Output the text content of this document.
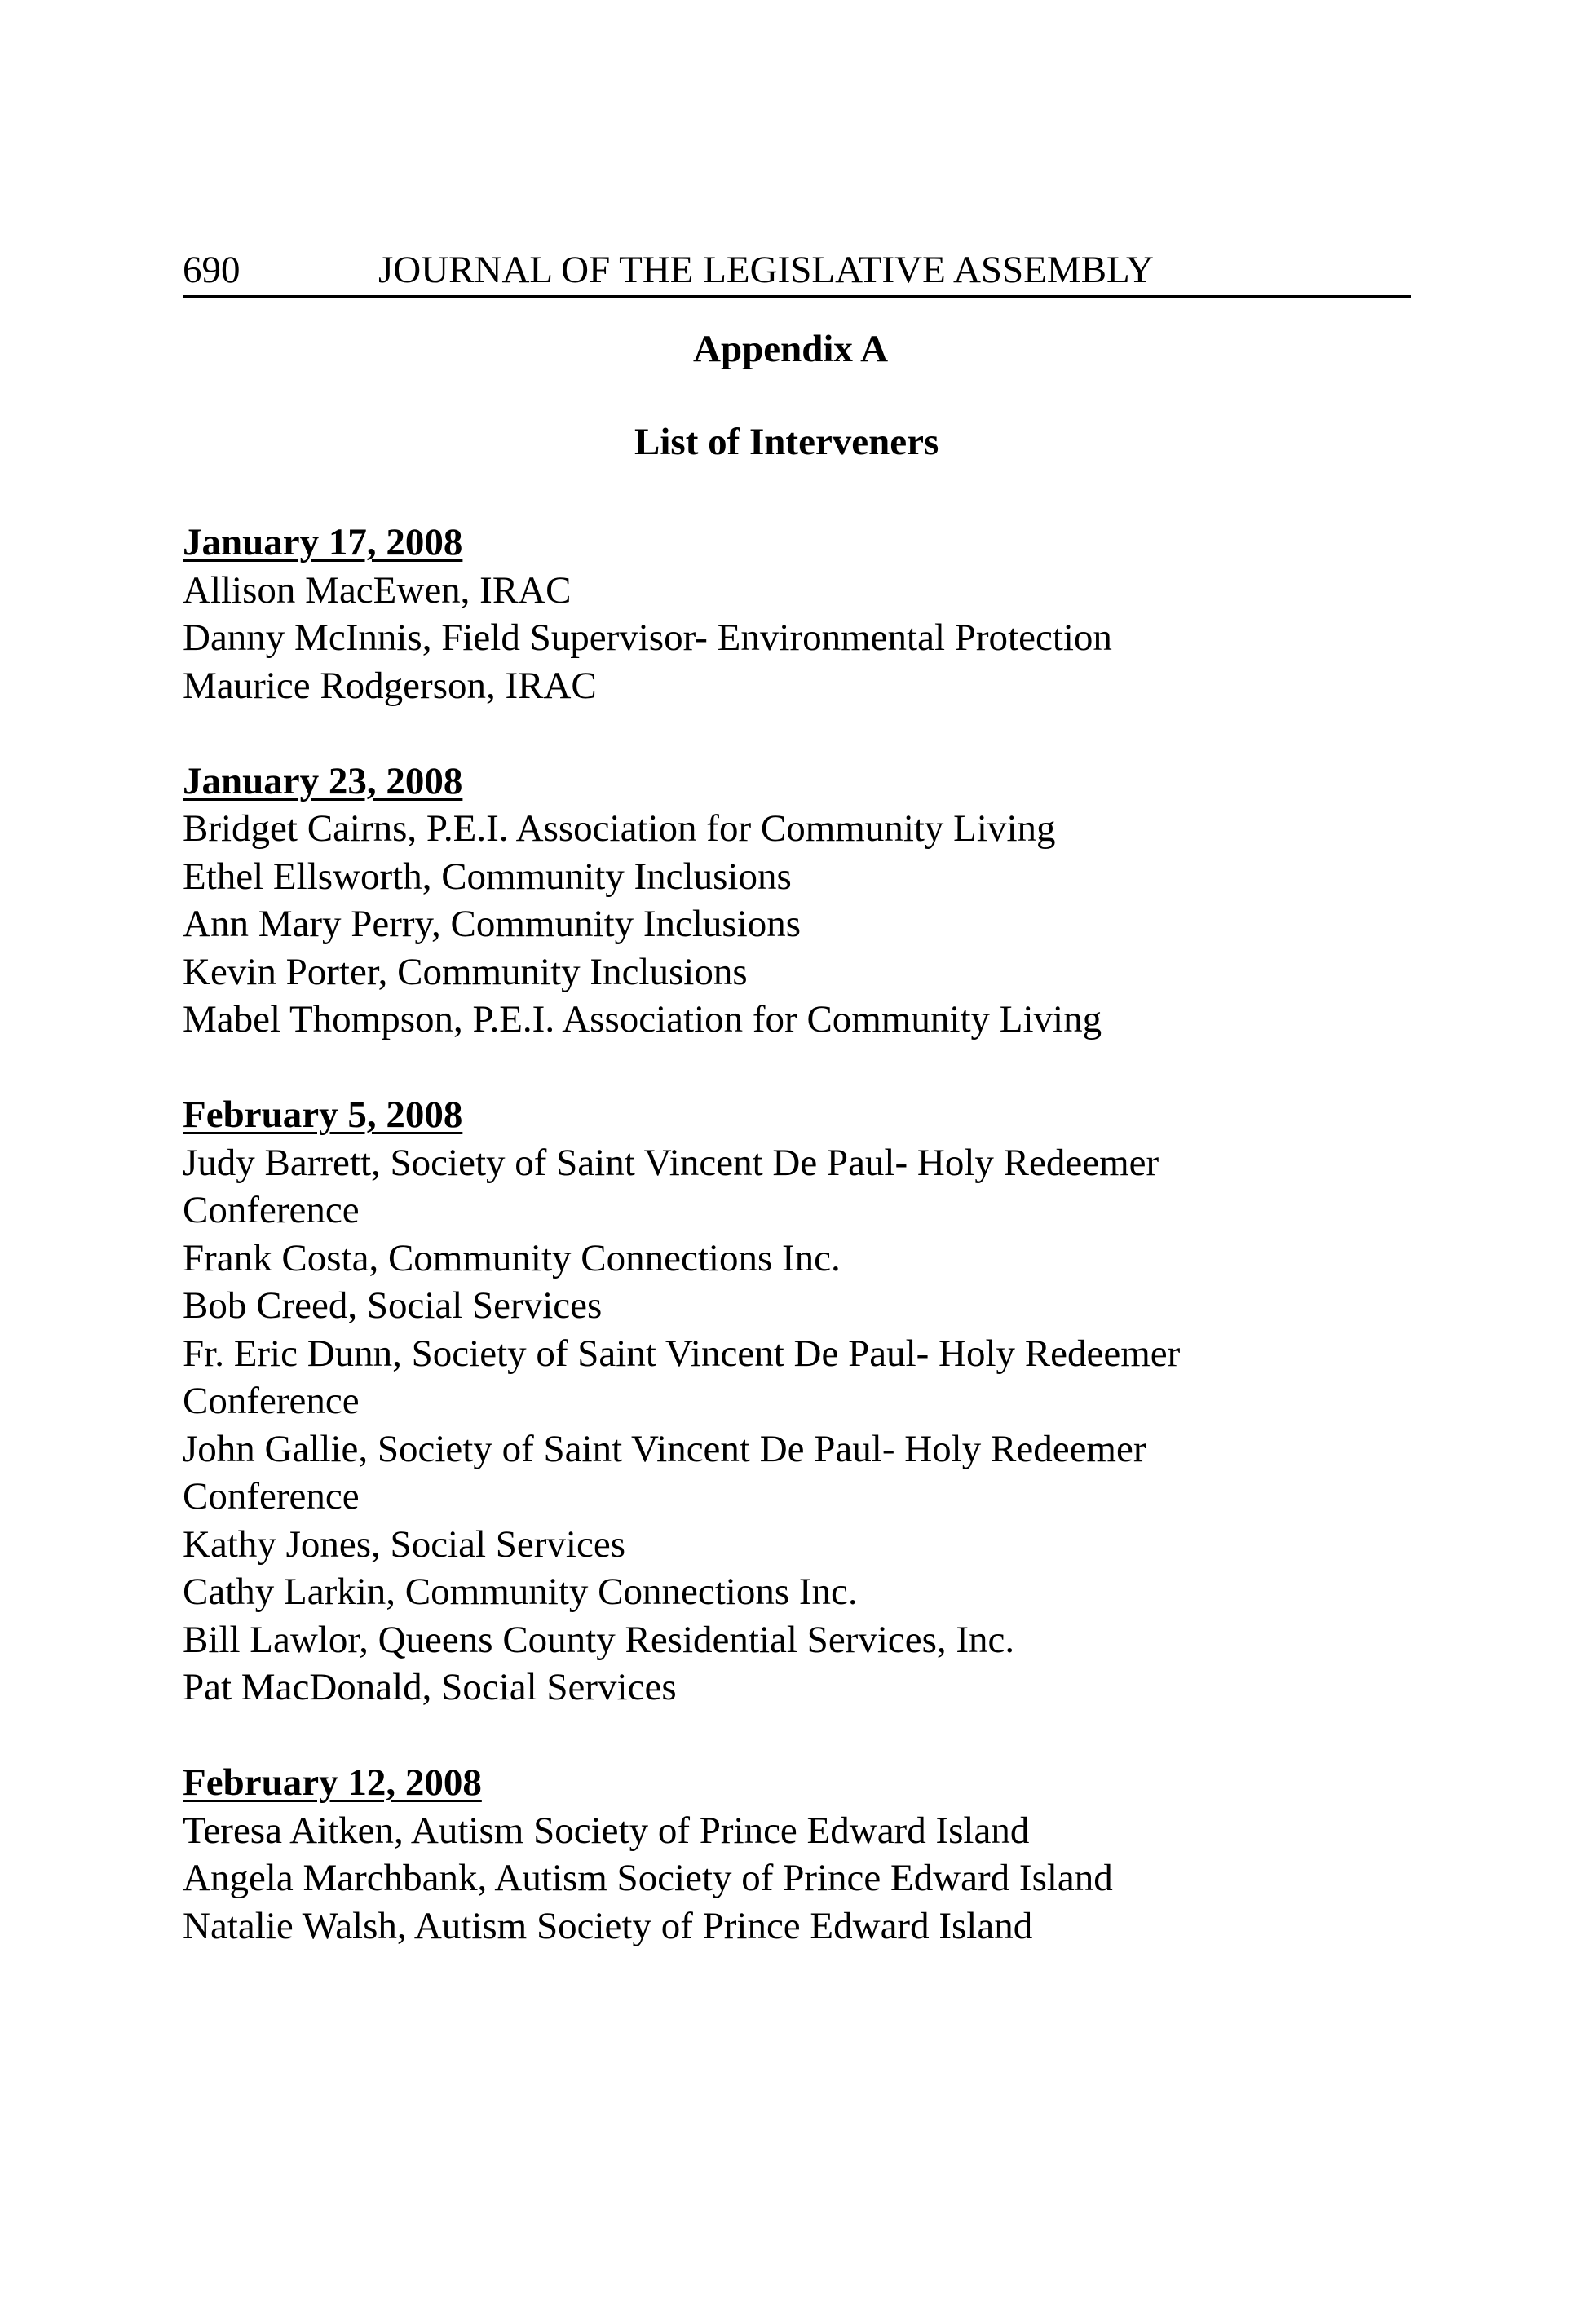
690	JOURNAL OF THE LEGISLATIVE ASSEMBLY
Appendix A
List of Interveners
January 17, 2008
Allison MacEwen, IRAC
Danny McInnis, Field Supervisor- Environmental Protection
Maurice Rodgerson, IRAC
January 23, 2008
Bridget Cairns, P.E.I. Association for Community Living
Ethel Ellsworth, Community Inclusions
Ann Mary Perry, Community Inclusions
Kevin Porter, Community Inclusions
Mabel Thompson, P.E.I. Association for Community Living
February 5, 2008
Judy Barrett, Society of Saint Vincent De Paul- Holy Redeemer
Conference
Frank Costa, Community Connections Inc.
Bob Creed, Social Services
Fr. Eric Dunn, Society of Saint Vincent De Paul- Holy Redeemer
Conference
John Gallie, Society of Saint Vincent De Paul- Holy Redeemer
Conference
Kathy Jones, Social Services
Cathy Larkin, Community Connections Inc.
Bill Lawlor, Queens County Residential Services, Inc.
Pat MacDonald, Social Services
February 12, 2008
Teresa Aitken, Autism Society of Prince Edward Island
Angela Marchbank, Autism Society of Prince Edward Island
Natalie Walsh, Autism Society of Prince Edward Island
